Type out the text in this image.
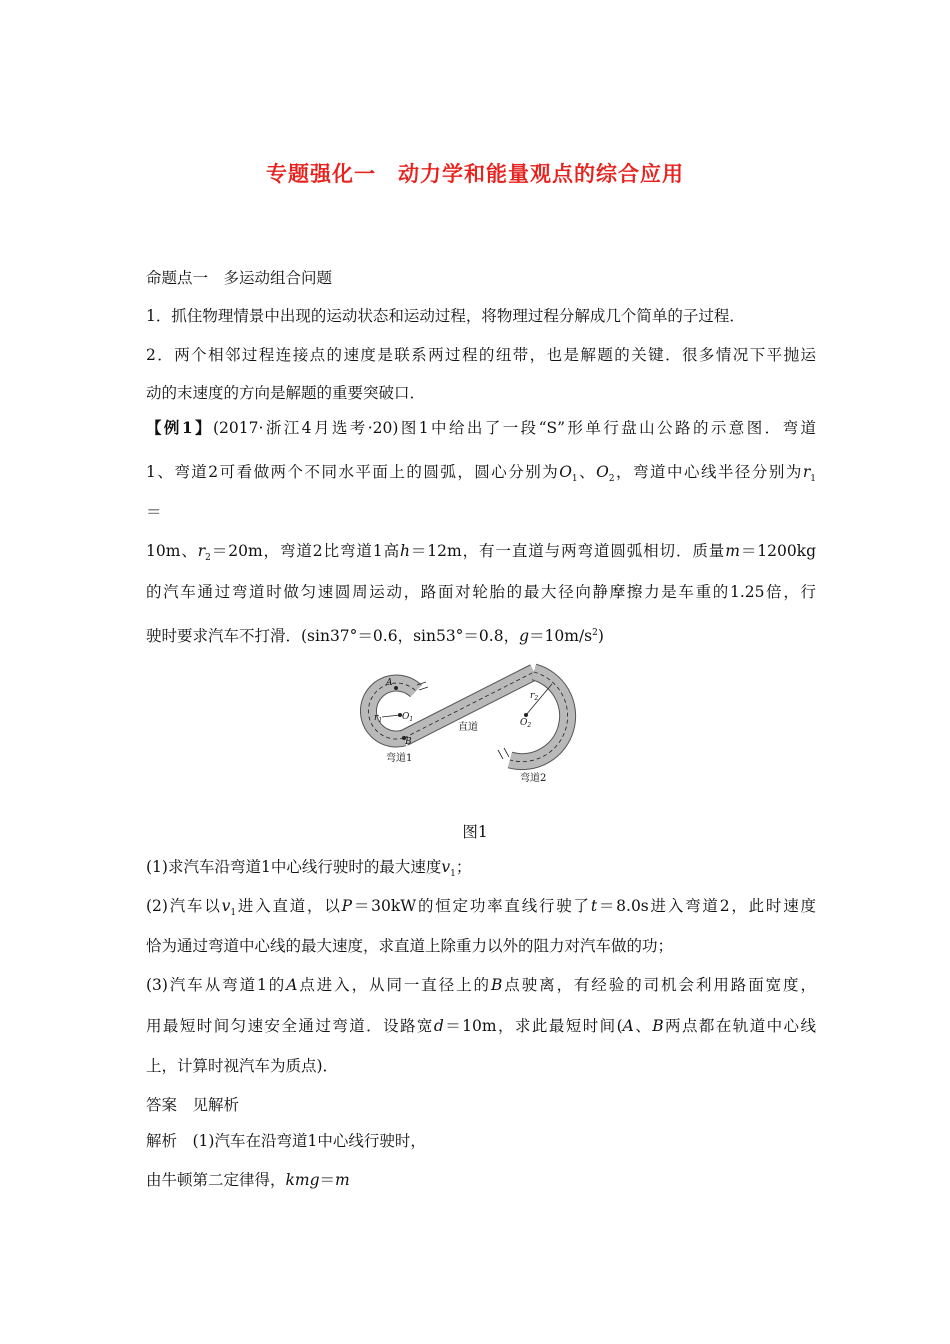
专题强化一　动力学和能量观点的综合应用
命题点一　多运动组合问题
1．抓住物理情景中出现的运动状态和运动过程，将物理过程分解成几个简单的子过程．
2．两个相邻过程连接点的速度是联系两过程的纽带，也是解题的关键．很多情况下平抛运
动的末速度的方向是解题的重要突破口．
【例1】(2017·浙江4月选考·20)图1中给出了一段“S”形单行盘山公路的示意图．弯道
1、弯道2可看做两个不同水平面上的圆弧，圆心分别为$O_1$、$O_2$，弯道中心线半径分别为$r_1$
＝
10m、$r_2=20m$，弯道2比弯道1高h＝12m，有一直道与两弯道圆弧相切．质量m＝1200kg
的汽车通过弯道时做匀速圆周运动，路面对轮胎的最大径向静摩擦力是车重的1.25倍，行
驶时要求汽车不打滑．(sin37°＝0.6，sin53°＝0.8，$g=10m/s^2$)
A
B
$O_1$
$r_1$	$O_2$
$r_2$
直道
弯道1
弯道2
图1
(1)求汽车沿弯道1中心线行驶时的最大速度$v_1$；
(2)汽车以$v_1$进入直道，以P＝30kW的恒定功率直线行驶了t＝8.0s进入弯道2，此时速度
恰为通过弯道中心线的最大速度，求直道上除重力以外的阻力对汽车做的功；
(3)汽车从弯道1的A点进入，从同一直径上的B点驶离，有经验的司机会利用路面宽度，
用最短时间匀速安全通过弯道．设路宽d＝10m，求此最短时间(A、B两点都在轨道中心线
上，计算时视汽车为质点)．
答案　见解析
解析　(1)汽车在沿弯道1中心线行驶时，
由牛顿第二定律得，kmg＝m
